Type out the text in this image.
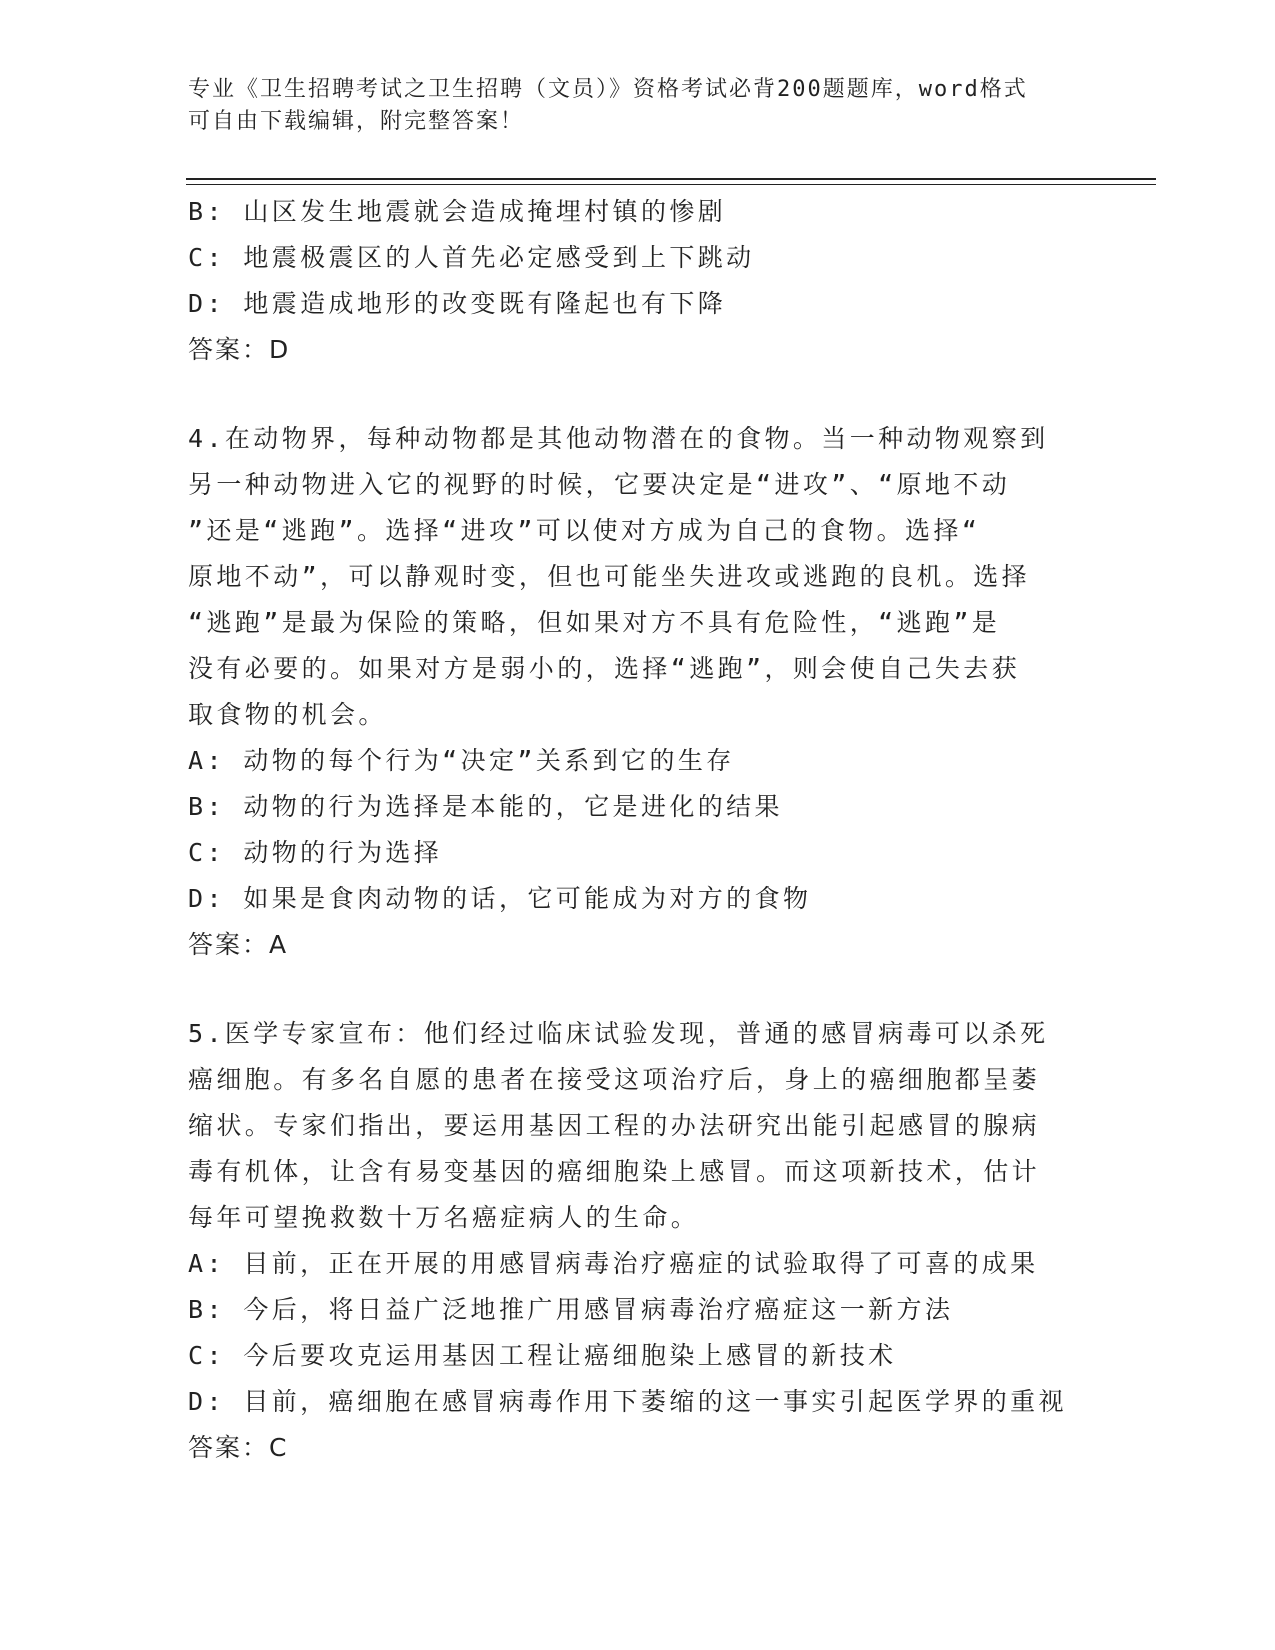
专业《卫生招聘考试之卫生招聘（文员）》资格考试必背200题题库，word格式
可自由下载编辑，附完整答案！
B: 山区发生地震就会造成掩埋村镇的惨剧
C: 地震极震区的人首先必定感受到上下跳动
D: 地震造成地形的改变既有隆起也有下降
答案：D
4.在动物界，每种动物都是其他动物潜在的食物。当一种动物观察到
另一种动物进入它的视野的时候，它要决定是“进攻”、“原地不动
”还是“逃跑”。选择“进攻”可以使对方成为自己的食物。选择“
原地不动”，可以静观时变，但也可能坐失进攻或逃跑的良机。选择
“逃跑”是最为保险的策略，但如果对方不具有危险性，“逃跑”是
没有必要的。如果对方是弱小的，选择“逃跑”，则会使自己失去获
取食物的机会。
A: 动物的每个行为“决定”关系到它的生存
B: 动物的行为选择是本能的，它是进化的结果
C: 动物的行为选择
D: 如果是食肉动物的话，它可能成为对方的食物
答案：A
5.医学专家宣布：他们经过临床试验发现，普通的感冒病毒可以杀死
癌细胞。有多名自愿的患者在接受这项治疗后，身上的癌细胞都呈萎
缩状。专家们指出，要运用基因工程的办法研究出能引起感冒的腺病
毒有机体，让含有易变基因的癌细胞染上感冒。而这项新技术，估计
每年可望挽救数十万名癌症病人的生命。
A: 目前，正在开展的用感冒病毒治疗癌症的试验取得了可喜的成果
B: 今后，将日益广泛地推广用感冒病毒治疗癌症这一新方法
C: 今后要攻克运用基因工程让癌细胞染上感冒的新技术
D: 目前，癌细胞在感冒病毒作用下萎缩的这一事实引起医学界的重视
答案：C
